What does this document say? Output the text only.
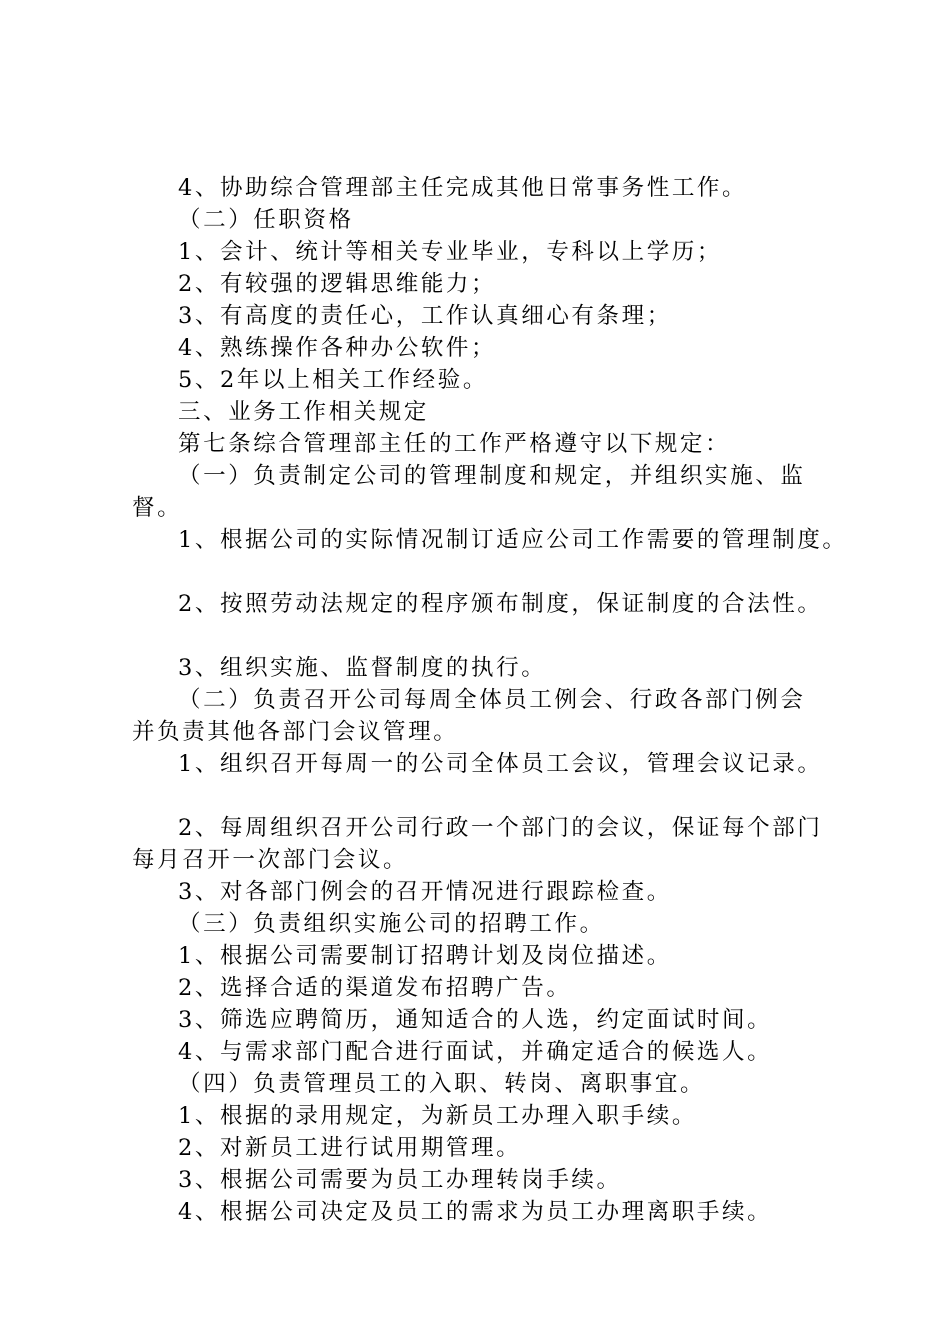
4、协助综合管理部主任完成其他日常事务性工作。
（二）任职资格
1、会计、统计等相关专业毕业，专科以上学历；
2、有较强的逻辑思维能力；
3、有高度的责任心，工作认真细心有条理；
4、熟练操作各种办公软件；
5、2年以上相关工作经验。
三、业务工作相关规定
第七条综合管理部主任的工作严格遵守以下规定：
（一）负责制定公司的管理制度和规定，并组织实施、监
督。
1、根据公司的实际情况制订适应公司工作需要的管理制度。
2、按照劳动法规定的程序颁布制度，保证制度的合法性。
3、组织实施、监督制度的执行。
（二）负责召开公司每周全体员工例会、行政各部门例会
并负责其他各部门会议管理。
1、组织召开每周一的公司全体员工会议，管理会议记录。
2、每周组织召开公司行政一个部门的会议，保证每个部门
每月召开一次部门会议。
3、对各部门例会的召开情况进行跟踪检查。
（三）负责组织实施公司的招聘工作。
1、根据公司需要制订招聘计划及岗位描述。
2、选择合适的渠道发布招聘广告。
3、筛选应聘简历，通知适合的人选，约定面试时间。
4、与需求部门配合进行面试，并确定适合的候选人。
（四）负责管理员工的入职、转岗、离职事宜。
1、根据的录用规定，为新员工办理入职手续。
2、对新员工进行试用期管理。
3、根据公司需要为员工办理转岗手续。
4、根据公司决定及员工的需求为员工办理离职手续。
